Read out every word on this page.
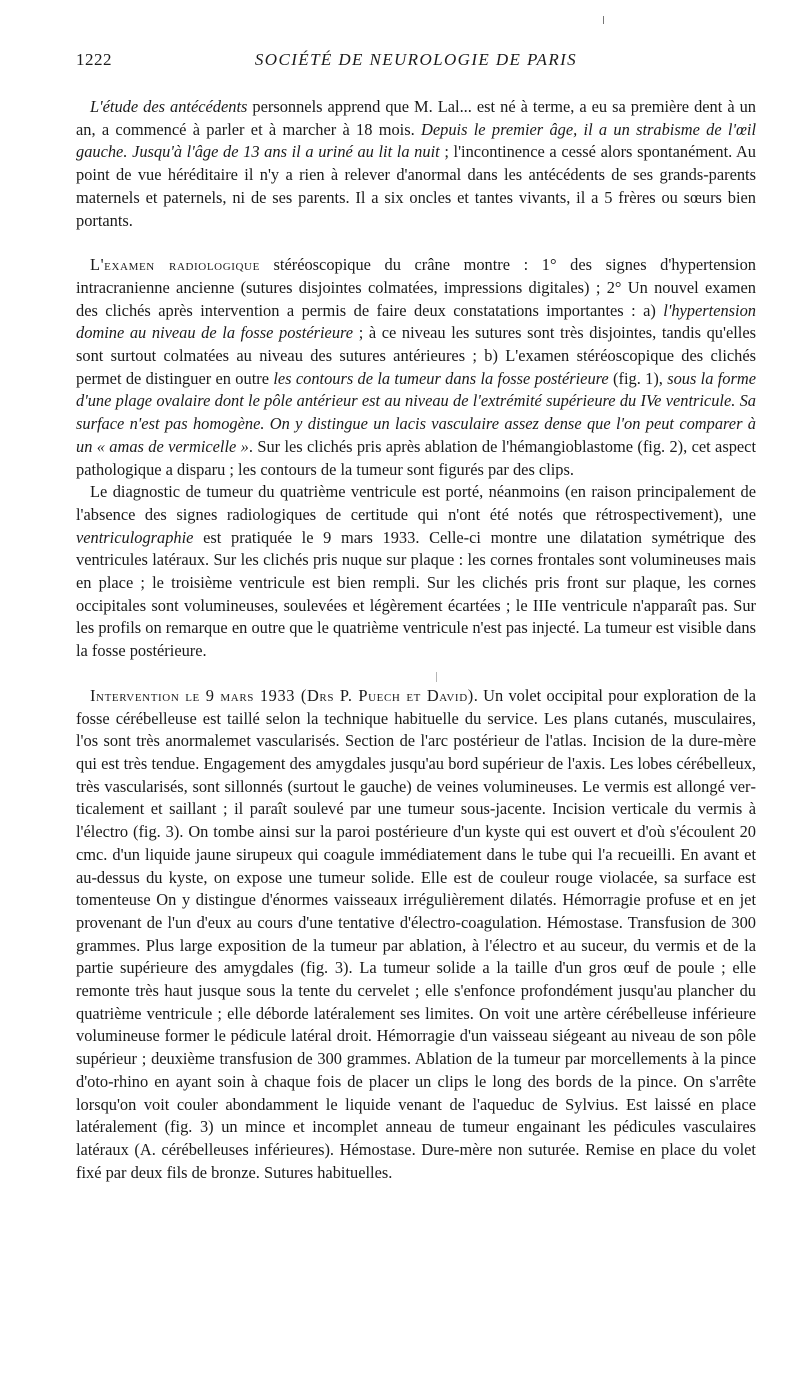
1222	SOCIÉTÉ DE NEUROLOGIE DE PARIS

L'étude des antécédents personnels apprend que M. Lal... est né à terme, a eu sa première dent à un an, a commencé à parler et à marcher à 18 mois. Depuis le premier âge, il a un strabisme de l'œil gauche. Jusqu'à l'âge de 13 ans il a uriné au lit la nuit ; l'incontinence a cessé alors spontanément. Au point de vue héréditaire il n'y a rien à relever d'anormal dans les antécédents de ses grands-parents maternels et paternels, ni de ses parents. Il a six oncles et tantes vivants, il a 5 frères ou sœurs bien portants.

L'examen radiologique stéréoscopique du crâne montre : 1° des signes d'hypertension intracranienne ancienne (sutures disjointes colmatées, impressions digitales) ; 2° Un nouvel examen des clichés après intervention a permis de faire deux constatations importantes : a) l'hypertension domine au niveau de la fosse postérieure ; à ce niveau les sutures sont très disjointes, tandis qu'elles sont surtout colmatées au niveau des sutures antérieures ; b) L'examen stéréoscopique des clichés permet de distinguer en outre les contours de la tumeur dans la fosse postérieure (fig. 1), sous la forme d'une plage ovalaire dont le pôle antérieur est au niveau de l'extrémité supérieure du IVe ventricule. Sa surface n'est pas homogène. On y distingue un lacis vasculaire assez dense que l'on peut comparer à un « amas de vermicelle ». Sur les clichés pris après ablation de l'hémangioblastome (fig. 2), cet aspect pathologique a disparu ; les contours de la tumeur sont figurés par des clips.

Le diagnostic de tumeur du quatrième ventricule est porté, néanmoins (en raison principalement de l'absence des signes radiologiques de certitude qui n'ont été notés que rétrospectivement), une ventriculographie est pratiquée le 9 mars 1933. Celle-ci montre une dilatation symétrique des ventricules latéraux. Sur les clichés pris nuque sur plaque : les cornes frontales sont volumineuses mais en place ; le troisième ventricule est bien rempli. Sur les clichés pris front sur plaque, les cornes occipitales sont volumineuses, soulevées et légèrement écartées ; le IIIe ventricule n'apparaît pas. Sur les profils on remarque en outre que le quatrième ventricule n'est pas injecté. La tumeur est visible dans la fosse postérieure.

Intervention le 9 mars 1933 (Drs P. Puech et David). Un volet occipital pour exploration de la fosse cérébelleuse est taillé selon la technique habituelle du service. Les plans cutanés, musculaires, l'os sont très anormalemet vascularisés. Section de l'arc postérieur de l'atlas. Incision de la dure-mère qui est très tendue. Engagement des amygdales jusqu'au bord supérieur de l'axis. Les lobes cérébelleux, très vascularisés, sont sillonnés (surtout le gauche) de veines volumineuses. Le vermis est allongé verticalement et saillant ; il paraît soulevé par une tumeur sous-jacente. Incision verticale du vermis à l'électro (fig. 3). On tombe ainsi sur la paroi postérieure d'un kyste qui est ouvert et d'où s'écoulent 20 cmc. d'un liquide jaune sirupeux qui coagule immédiatement dans le tube qui l'a recueilli. En avant et au-dessus du kyste, on expose une tumeur solide. Elle est de couleur rouge violacée, sa surface est tomenteuse On y distingue d'énormes vaisseaux irrégulièrement dilatés. Hémorragie profuse et en jet provenant de l'un d'eux au cours d'une tentative d'électro-coagulation. Hémostase. Transfusion de 300 grammes. Plus large exposition de la tumeur par ablation, à l'électro et au suceur, du vermis et de la partie supérieure des amygdales (fig. 3). La tumeur solide a la taille d'un gros œuf de poule ; elle remonte très haut jusque sous la tente du cervelet ; elle s'enfonce profondément jusqu'au plancher du quatrième ventricule ; elle déborde latéralement ses limites. On voit une artère cérébelleuse inférieure volumineuse former le pédicule latéral droit. Hémorragie d'un vaisseau siégeant au niveau de son pôle supérieur ; deuxième transfusion de 300 grammes. Ablation de la tumeur par morcellements à la pince d'oto-rhino en ayant soin à chaque fois de placer un clips le long des bords de la pince. On s'arrête lorsqu'on voit couler abondamment le liquide venant de l'aqueduc de Sylvius. Est laissé en place latéralement (fig. 3) un mince et incomplet anneau de tumeur engainant les pédicules vasculaires latéraux (A. cérébelleuses inférieures). Hémostase. Dure-mère non suturée. Remise en place du volet fixé par deux fils de bronze. Sutures habituelles.
